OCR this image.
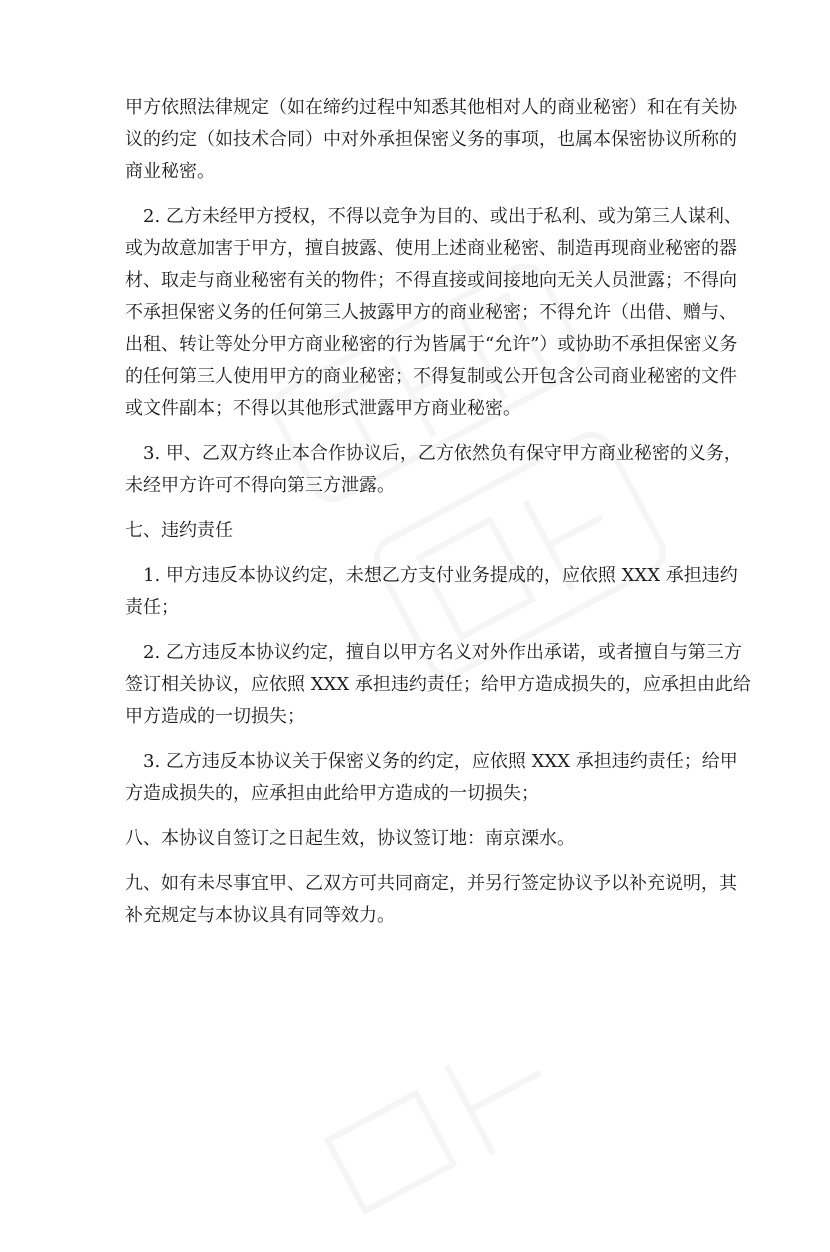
甲方依照法律规定（如在缔约过程中知悉其他相对人的商业秘密）和在有关协

议的约定（如技术合同）中对外承担保密义务的事项，也属本保密协议所称的

商业秘密。

2. 乙方未经甲方授权，不得以竞争为目的、或出于私利、或为第三人谋利、

或为故意加害于甲方，擅自披露、使用上述商业秘密、制造再现商业秘密的器

材、取走与商业秘密有关的物件；不得直接或间接地向无关人员泄露；不得向

不承担保密义务的任何第三人披露甲方的商业秘密；不得允许（出借、赠与、

出租、转让等处分甲方商业秘密的行为皆属于“允许”）或协助不承担保密义务

的任何第三人使用甲方的商业秘密；不得复制或公开包含公司商业秘密的文件

或文件副本；不得以其他形式泄露甲方商业秘密。

3. 甲、乙双方终止本合作协议后，乙方依然负有保守甲方商业秘密的义务，

未经甲方许可不得向第三方泄露。

七、违约责任

1. 甲方违反本协议约定，未想乙方支付业务提成的，应依照 XXX 承担违约

责任；

2. 乙方违反本协议约定，擅自以甲方名义对外作出承诺，或者擅自与第三方

签订相关协议，应依照 XXX 承担违约责任；给甲方造成损失的，应承担由此给

甲方造成的一切损失；

3. 乙方违反本协议关于保密义务的约定，应依照 XXX 承担违约责任；给甲

方造成损失的，应承担由此给甲方造成的一切损失；

八、本协议自签订之日起生效，协议签订地：南京溧水。

九、如有未尽事宜甲、乙双方可共同商定，并另行签定协议予以补充说明，其

补充规定与本协议具有同等效力。
